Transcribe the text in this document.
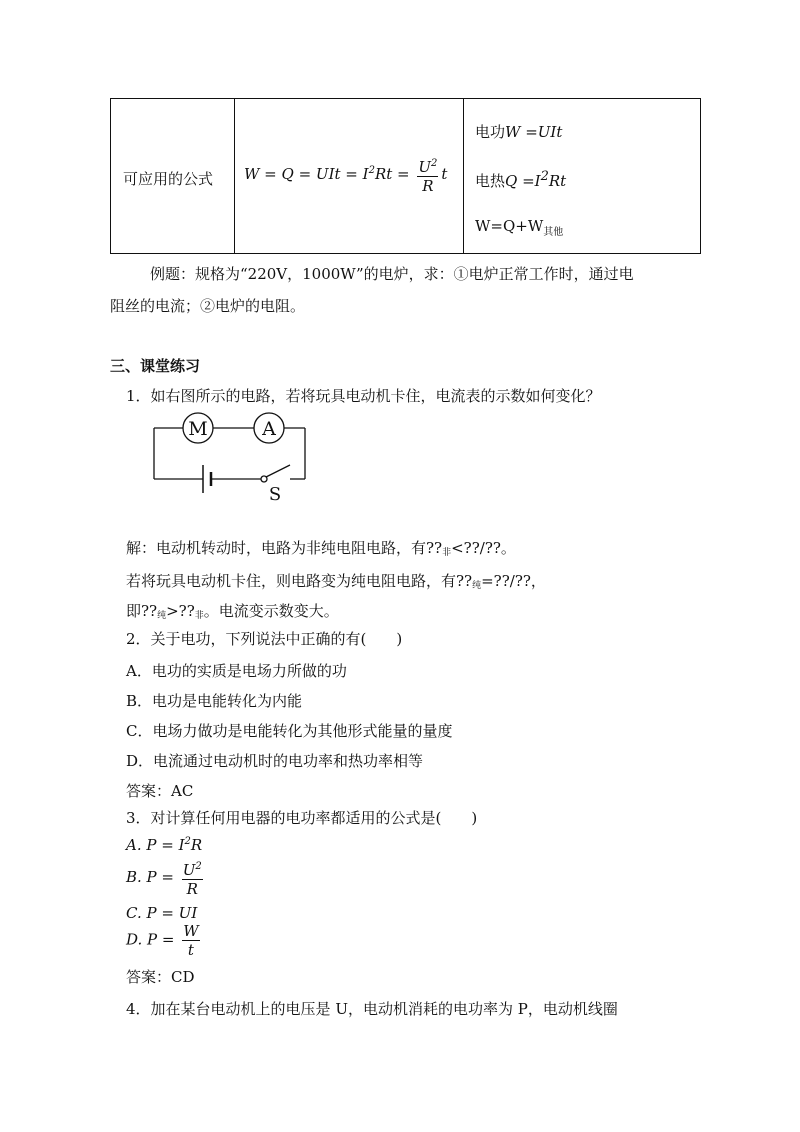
可应用的公式 W = Q = UIt = $I^2Rt = \frac{U^2}{R}$ t
电功W =UIt
电热$Q =I^2Rt$
$W=Q+W_{其他}$
例题：规格为“220V，1000W”的电炉，求：①电炉正常工作时，通过电
阻丝的电流；②电炉的电阻。
三、课堂练习
1．如右图所示的电路，若将玩具电动机卡住，电流表的示数如何变化？
M	A
S
解：电动机转动时，电路为非纯电阻电路，有??非<??/??。
若将玩具电动机卡住，则电路变为纯电阻电路，有??纯=??/??，
即??纯>??非。电流变示数变大。
2．关于电功，下列说法中正确的有(　　)
A．电功的实质是电场力所做的功
B．电功是电能转化为内能
C．电场力做功是电能转化为其他形式能量的量度
D．电流通过电动机时的电功率和热功率相等
答案：AC
3．对计算任何用电器的电功率都适用的公式是(　　)
A. $P = I^2R$
B. $P = \frac{U^2}{R}$
C. P = UI
D. $P = \frac{W}{t}$
答案：CD
4．加在某台电动机上的电压是 U，电动机消耗的电功率为 P，电动机线圈
